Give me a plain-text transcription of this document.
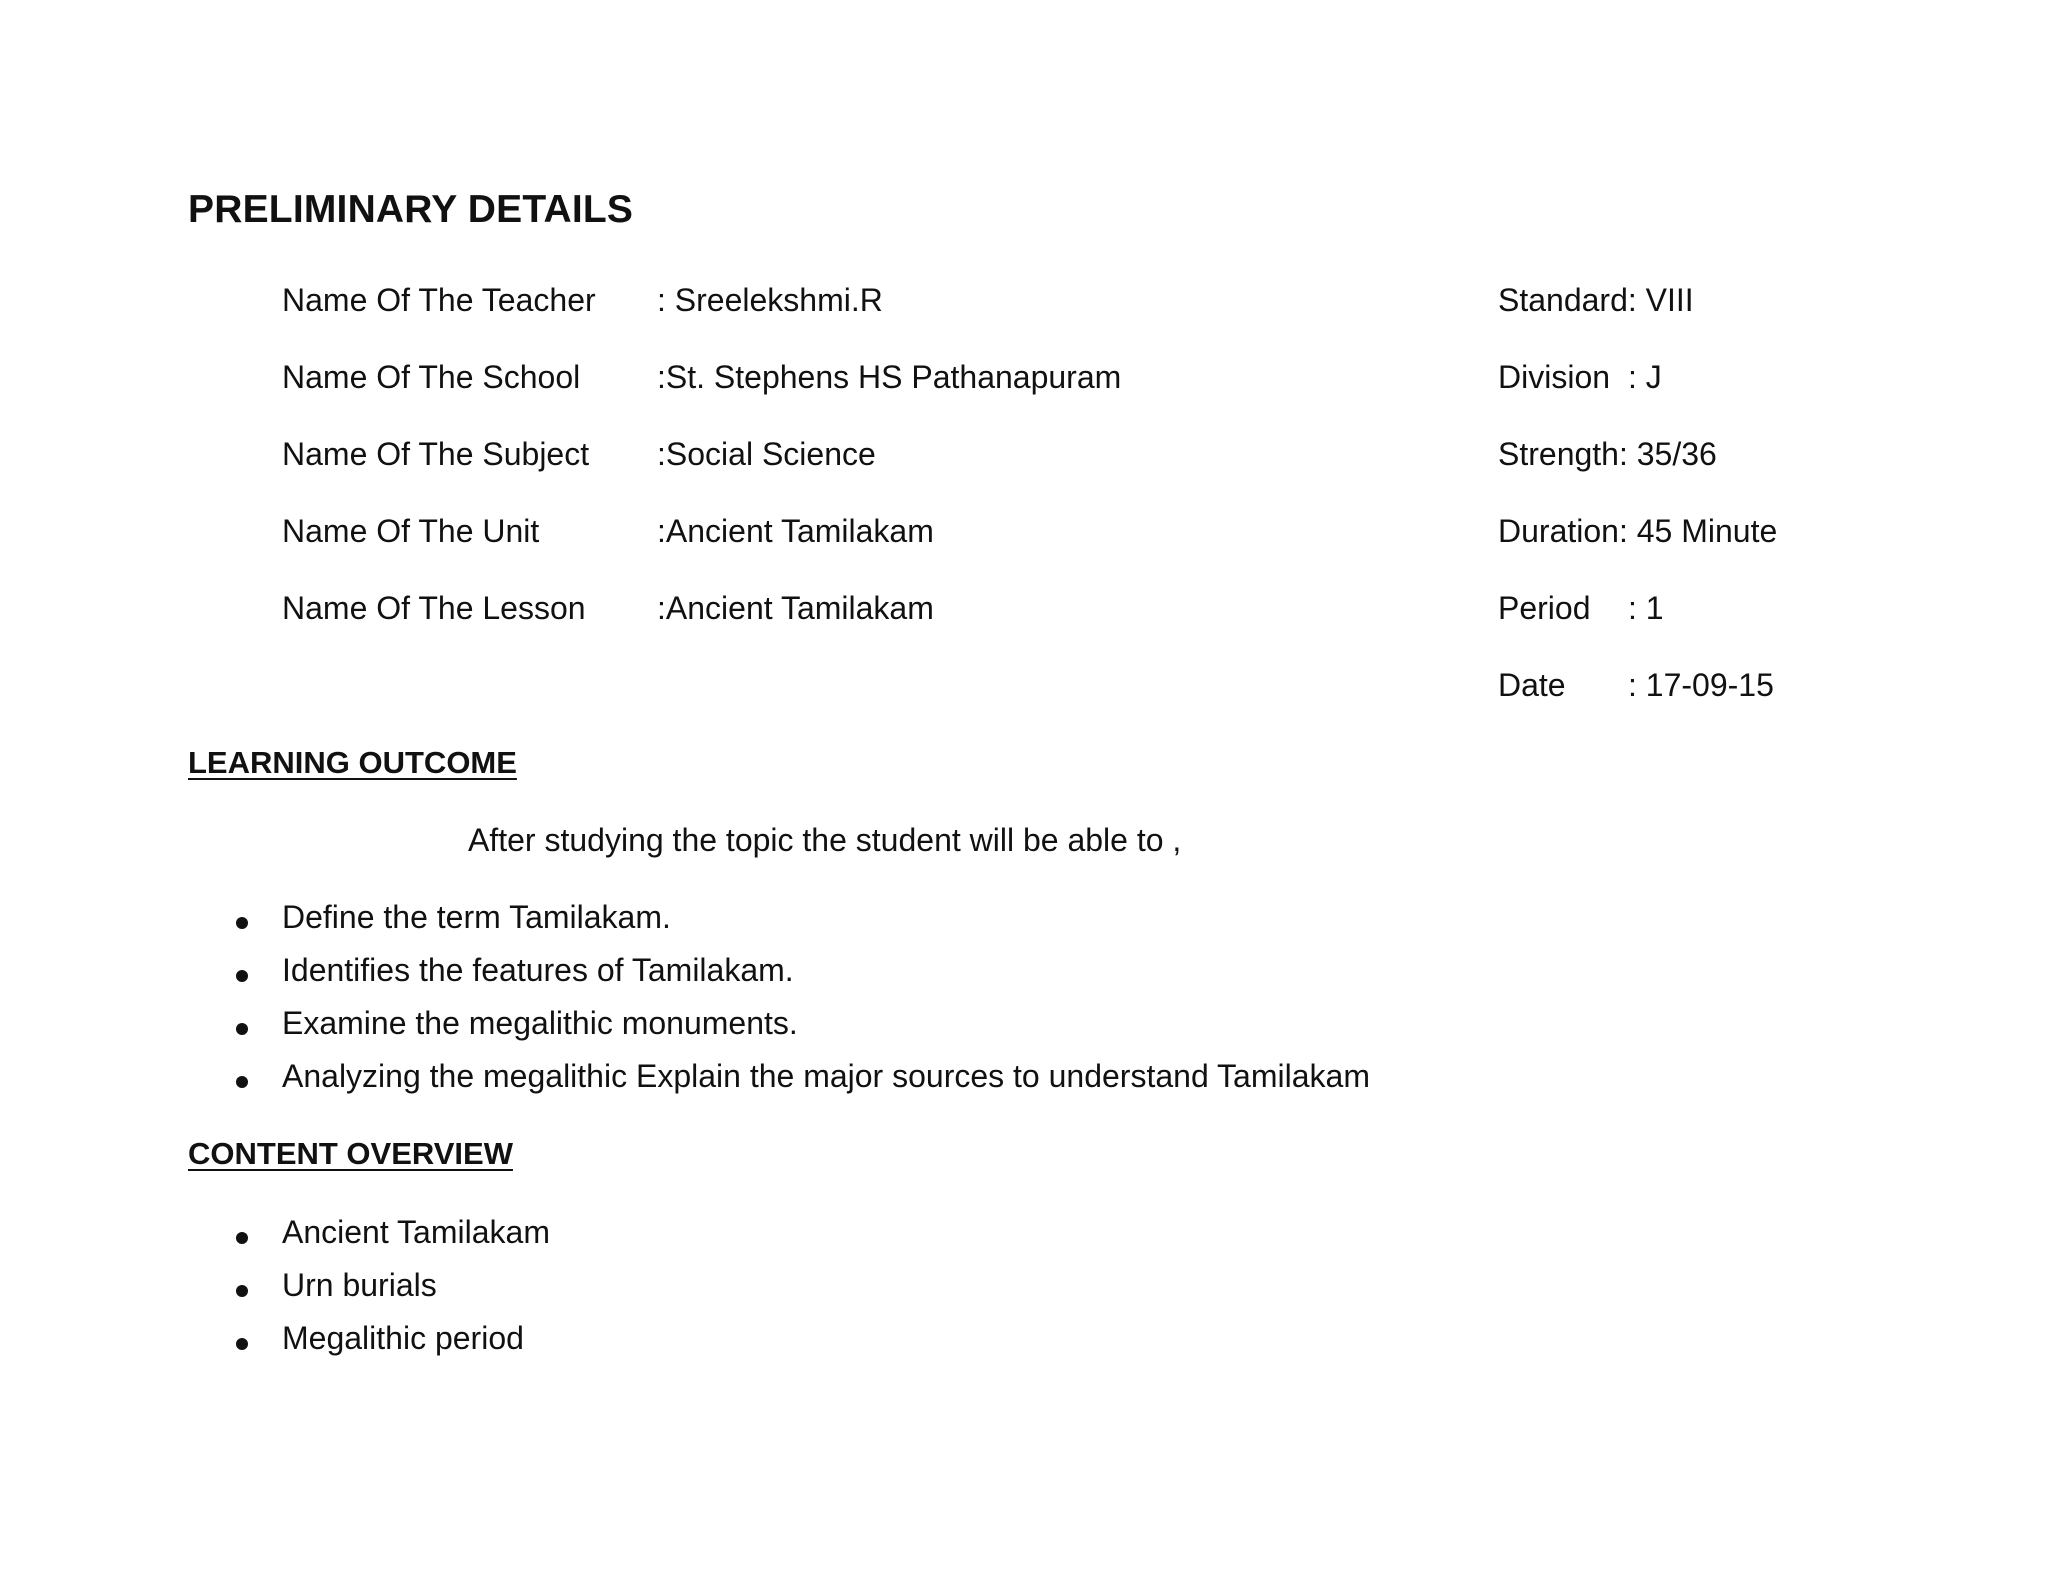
PRELIMINARY DETAILS
Name Of The Teacher : Sreelekshmi.R
Name Of The School :St. Stephens HS Pathanapuram
Name Of The Subject :Social Science
Name Of The Unit	:Ancient Tamilakam
Name Of The Lesson :Ancient Tamilakam
Standard: VIII
Division : J
Strength: 35/36
Duration: 45 Minute
Period : 1
Date : 17-09-15
LEARNING OUTCOME
After studying the topic the student will be able to ,
Define the term Tamilakam.
Identifies the features of Tamilakam.
Examine the megalithic monuments.
Analyzing the megalithic Explain the major sources to understand Tamilakam
CONTENT OVERVIEW
Ancient Tamilakam
Urn burials
Megalithic period
